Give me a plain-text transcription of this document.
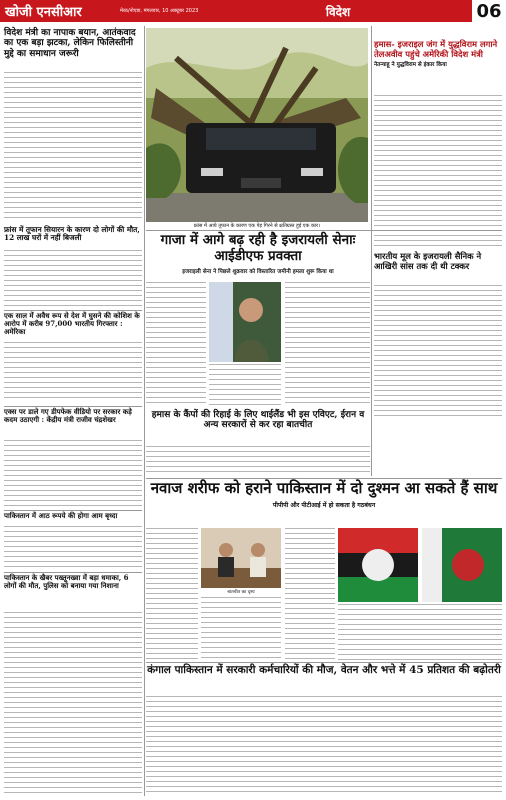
खोजी एनसीआर	मेरठ/नोएडा, मंगलवार, 10 अक्टूबर 2023	विदेश	06
विदेश मंत्री का नापाक बयान, आतंकवाद का एक बड़ा झटका, लेकिन फिलिस्तीनी मुद्दे का समाधान जरूरी
फ्रांस में आये तूफान के कारण एक पेड़ गिरने से क्षतिग्रस्त हुई एक कार।
हमास- इजराइल जंग में युद्धविराम लगाने तेलअवीव पहुंचे अमेरिकी विदेश मंत्री
नेतन्याहू ने युद्धविराम से इंकार किया
फ्रांस में तूफान सियारन के कारण दो लोगों की मौत, 12 लाख घरों में नहीं बिजली	गाजा में आगे बढ़ रही है इजरायली सेनाः आईडीएफ प्रवक्ता
इजराइली सेना ने पिछले शुक्रवार को विस्तारित जमीनी हमला शुरू किया था
भारतीय मूल के इजरायली सैनिक ने आखिरी सांस तक दी थी टक्कर
एक साल में अवैध रूप से देश में घुसने की कोशिश के आरोप में करीब 97,000 भारतीय गिरफ्तार : अमेरिका
हमास के कैंपों की रिहाई के लिए थाईलैंड भी इस एविएट, ईरान व अन्य सरकारों से कर रहा बातचीत
एक्स पर डाले गए डीपफेक वीडियो पर सरकार कड़े कदम उठाएगी : केंद्रीय मंत्री राजीव चंद्रशेखर
नवाज शरीफ को हराने पाकिस्तान में दो दुश्मन आ सकते हैं साथ
पीपीपी और पीटीआई में हो सकता है गठबंधन
पाकिस्तान में आठ रूपये की होगा आम बृध्दा
बातचीत का दृश्य
पाकिस्तान के खैबर पख्तूनख्वा में बड़ा धमाका, 6 लोगों की मौत, पुलिस को बनाया गया निशाना
कंगाल पाकिस्तान में सरकारी कर्मचारियों की मौज, वेतन और भत्ते में 45 प्रतिशत की बढ़ोतरी
